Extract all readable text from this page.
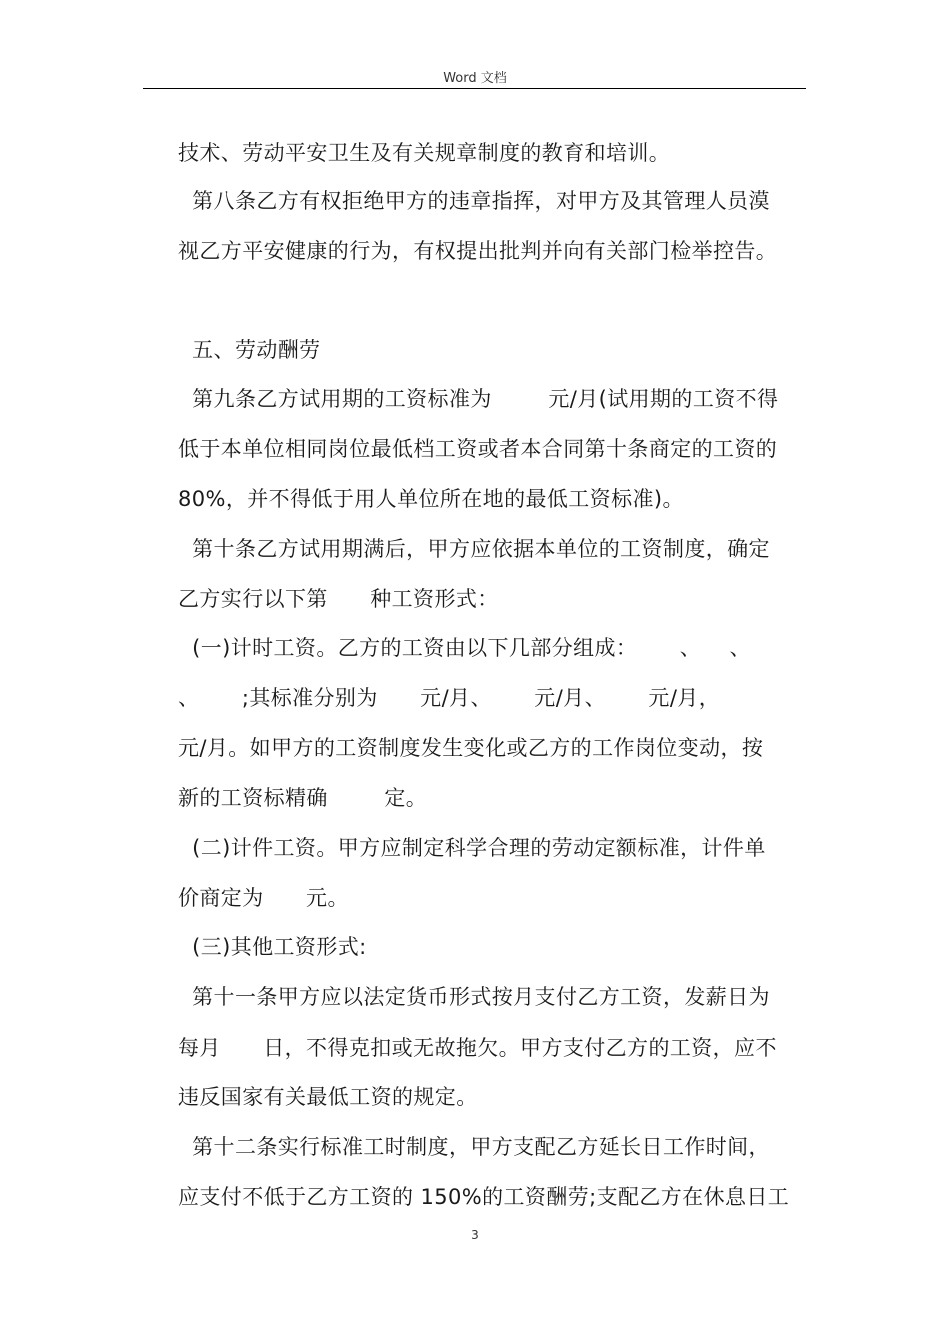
Word 文档
技术、劳动平安卫生及有关规章制度的教育和培训。
第八条乙方有权拒绝甲方的违章指挥，对甲方及其管理人员漠
视乙方平安健康的行为，有权提出批判并向有关部门检举控告。
五、劳动酬劳
第九条乙方试用期的工资标准为        元/月(试用期的工资不得
低于本单位相同岗位最低档工资或者本合同第十条商定的工资的
80%，并不得低于用人单位所在地的最低工资标准)。
第十条乙方试用期满后，甲方应依据本单位的工资制度，确定
乙方实行以下第      种工资形式：
(一)计时工资。乙方的工资由以下几部分组成：      、    、
、      ;其标准分别为      元/月、      元/月、      元/月，
元/月。如甲方的工资制度发生变化或乙方的工作岗位变动，按
新的工资标精确        定。
(二)计件工资。甲方应制定科学合理的劳动定额标准，计件单
价商定为      元。
(三)其他工资形式:
第十一条甲方应以法定货币形式按月支付乙方工资，发薪日为
每月      日，不得克扣或无故拖欠。甲方支付乙方的工资，应不
违反国家有关最低工资的规定。
第十二条实行标准工时制度，甲方支配乙方延长日工作时间，
应支付不低于乙方工资的 150%的工资酬劳;支配乙方在休息日工
3
